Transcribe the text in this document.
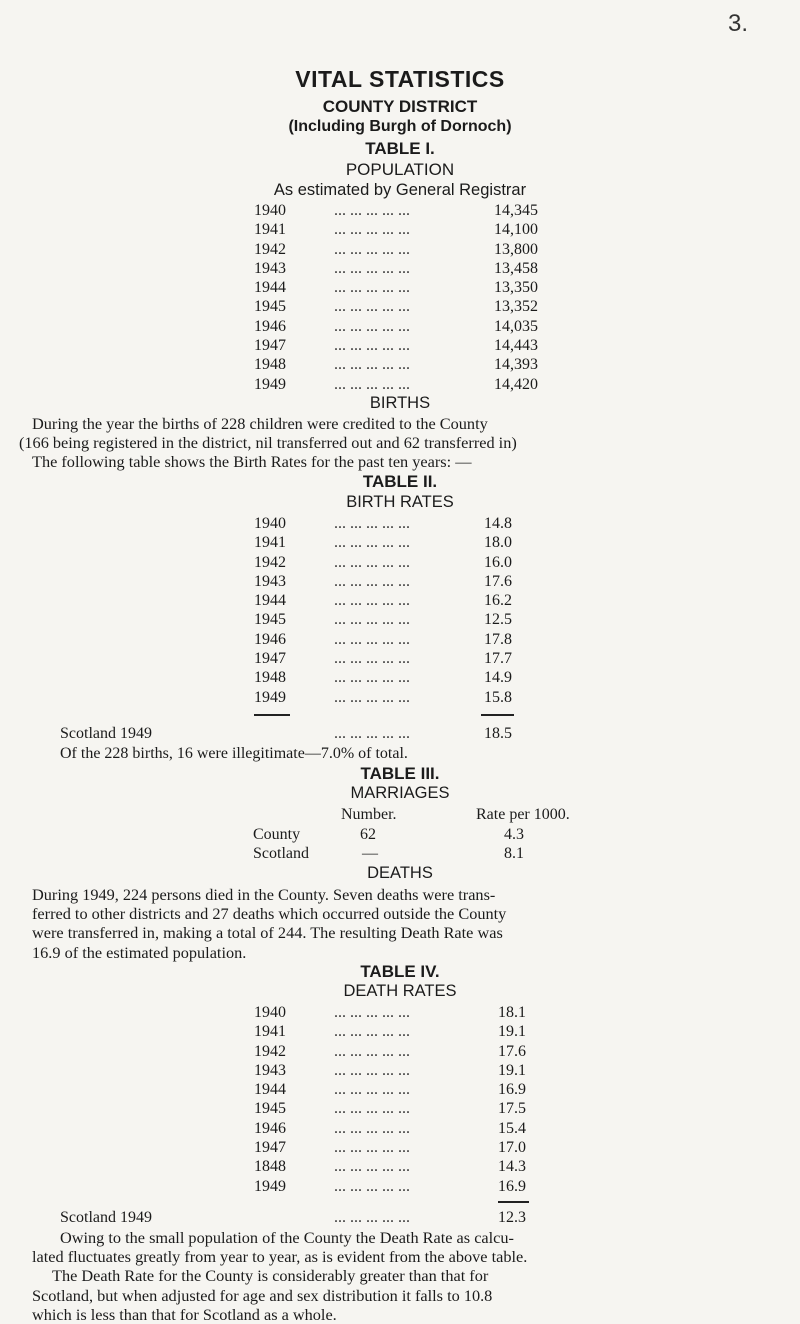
3.
VITAL STATISTICS
COUNTY DISTRICT
(Including Burgh of Dornoch)
TABLE I.
POPULATION
As estimated by General Registrar
1940	... ... ... ... ...	14,345
1941	... ... ... ... ...	14,100
1942	... ... ... ... ...	13,800
1943	... ... ... ... ...	13,458
1944	... ... ... ... ...	13,350
1945	... ... ... ... ...	13,352
1946	... ... ... ... ...	14,035
1947	... ... ... ... ...	14,443
1948	... ... ... ... ...	14,393
1949	... ... ... ... ...	14,420
BIRTHS
During the year the births of 228 children were credited to the County
(166 being registered in the district, nil transferred out and 62 transferred in)
The following table shows the Birth Rates for the past ten years: —
TABLE II.
BIRTH RATES
1940	... ... ... ... ...	14.8
1941	... ... ... ... ...	18.0
1942	... ... ... ... ...	16.0
1943	... ... ... ... ...	17.6
1944	... ... ... ... ...	16.2
1945	... ... ... ... ...	12.5
1946	... ... ... ... ...	17.8
1947	... ... ... ... ...	17.7
1948	... ... ... ... ...	14.9
1949	... ... ... ... ...	15.8
Scotland 1949	... ... ... ... ...	18.5
Of the 228 births, 16 were illegitimate—7.0% of total.
TABLE III.
MARRIAGES
Number.	Rate per 1000.
County	62	4.3
Scotland	—	8.1
DEATHS
During 1949, 224 persons died in the County. Seven deaths were trans-
ferred to other districts and 27 deaths which occurred outside the County
were transferred in, making a total of 244. The resulting Death Rate was
16.9 of the estimated population.
TABLE IV.
DEATH RATES
1940	... ... ... ... ...	18.1
1941	... ... ... ... ...	19.1
1942	... ... ... ... ...	17.6
1943	... ... ... ... ...	19.1
1944	... ... ... ... ...	16.9
1945	... ... ... ... ...	17.5
1946	... ... ... ... ...	15.4
1947	... ... ... ... ...	17.0
1848	... ... ... ... ...	14.3
1949	... ... ... ... ...	16.9
Scotland 1949	... ... ... ... ...	12.3
Owing to the small population of the County the Death Rate as calcu-
lated fluctuates greatly from year to year, as is evident from the above table.
The Death Rate for the County is considerably greater than that for
Scotland, but when adjusted for age and sex distribution it falls to 10.8
which is less than that for Scotland as a whole.
